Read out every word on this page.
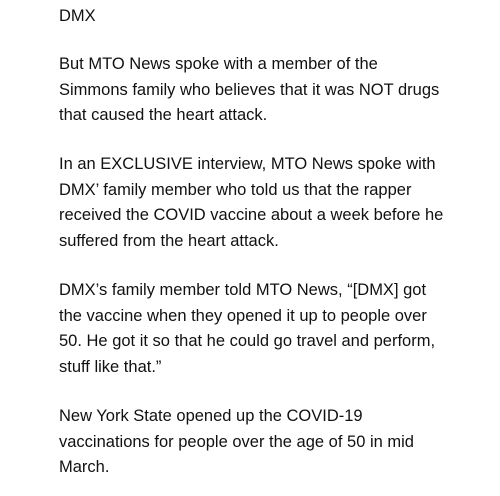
DMX

But MTO News spoke with a member of the
Simmons family who believes that it was NOT drugs
that caused the heart attack.

In an EXCLUSIVE interview, MTO News spoke with
DMX’ family member who told us that the rapper
received the COVID vaccine about a week before he
suffered from the heart attack.

DMX’s family member told MTO News, “[DMX] got
the vaccine when they opened it up to people over
50. He got it so that he could go travel and perform,
stuff like that.”

New York State opened up the COVID-19
vaccinations for people over the age of 50 in mid
March.
